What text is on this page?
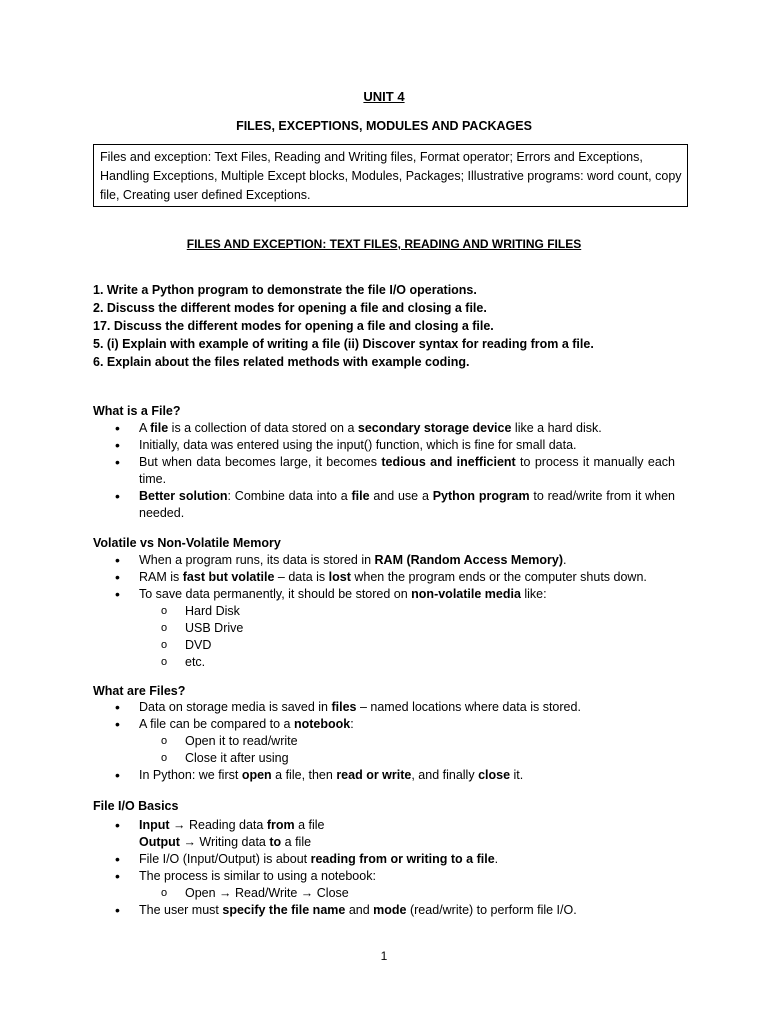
UNIT 4
FILES, EXCEPTIONS, MODULES AND PACKAGES
Files and exception: Text Files, Reading and Writing files, Format operator; Errors and Exceptions, Handling Exceptions, Multiple Except blocks, Modules, Packages; Illustrative programs: word count, copy file, Creating user defined Exceptions.
FILES AND EXCEPTION: TEXT FILES, READING AND WRITING FILES
1. Write a Python program to demonstrate the file I/O operations.
2. Discuss the different modes for opening a file and closing a file.
17. Discuss the different modes for opening a file and closing a file.
5. (i) Explain with example of writing a file (ii) Discover syntax for reading from a file.
6. Explain about the files related methods with example coding.
What is a File?
• A file is a collection of data stored on a secondary storage device like a hard disk.
• Initially, data was entered using the input() function, which is fine for small data.
• But when data becomes large, it becomes tedious and inefficient to process it manually each time.
• Better solution: Combine data into a file and use a Python program to read/write from it when needed.
Volatile vs Non-Volatile Memory
• When a program runs, its data is stored in RAM (Random Access Memory).
• RAM is fast but volatile – data is lost when the program ends or the computer shuts down.
• To save data permanently, it should be stored on non-volatile media like:
o Hard Disk
o USB Drive
o DVD
o etc.
What are Files?
• Data on storage media is saved in files – named locations where data is stored.
• A file can be compared to a notebook:
o Open it to read/write
o Close it after using
• In Python: we first open a file, then read or write, and finally close it.
File I/O Basics
• Input → Reading data from a file
Output → Writing data to a file
• File I/O (Input/Output) is about reading from or writing to a file.
• The process is similar to using a notebook:
o Open → Read/Write → Close
• The user must specify the file name and mode (read/write) to perform file I/O.
1
